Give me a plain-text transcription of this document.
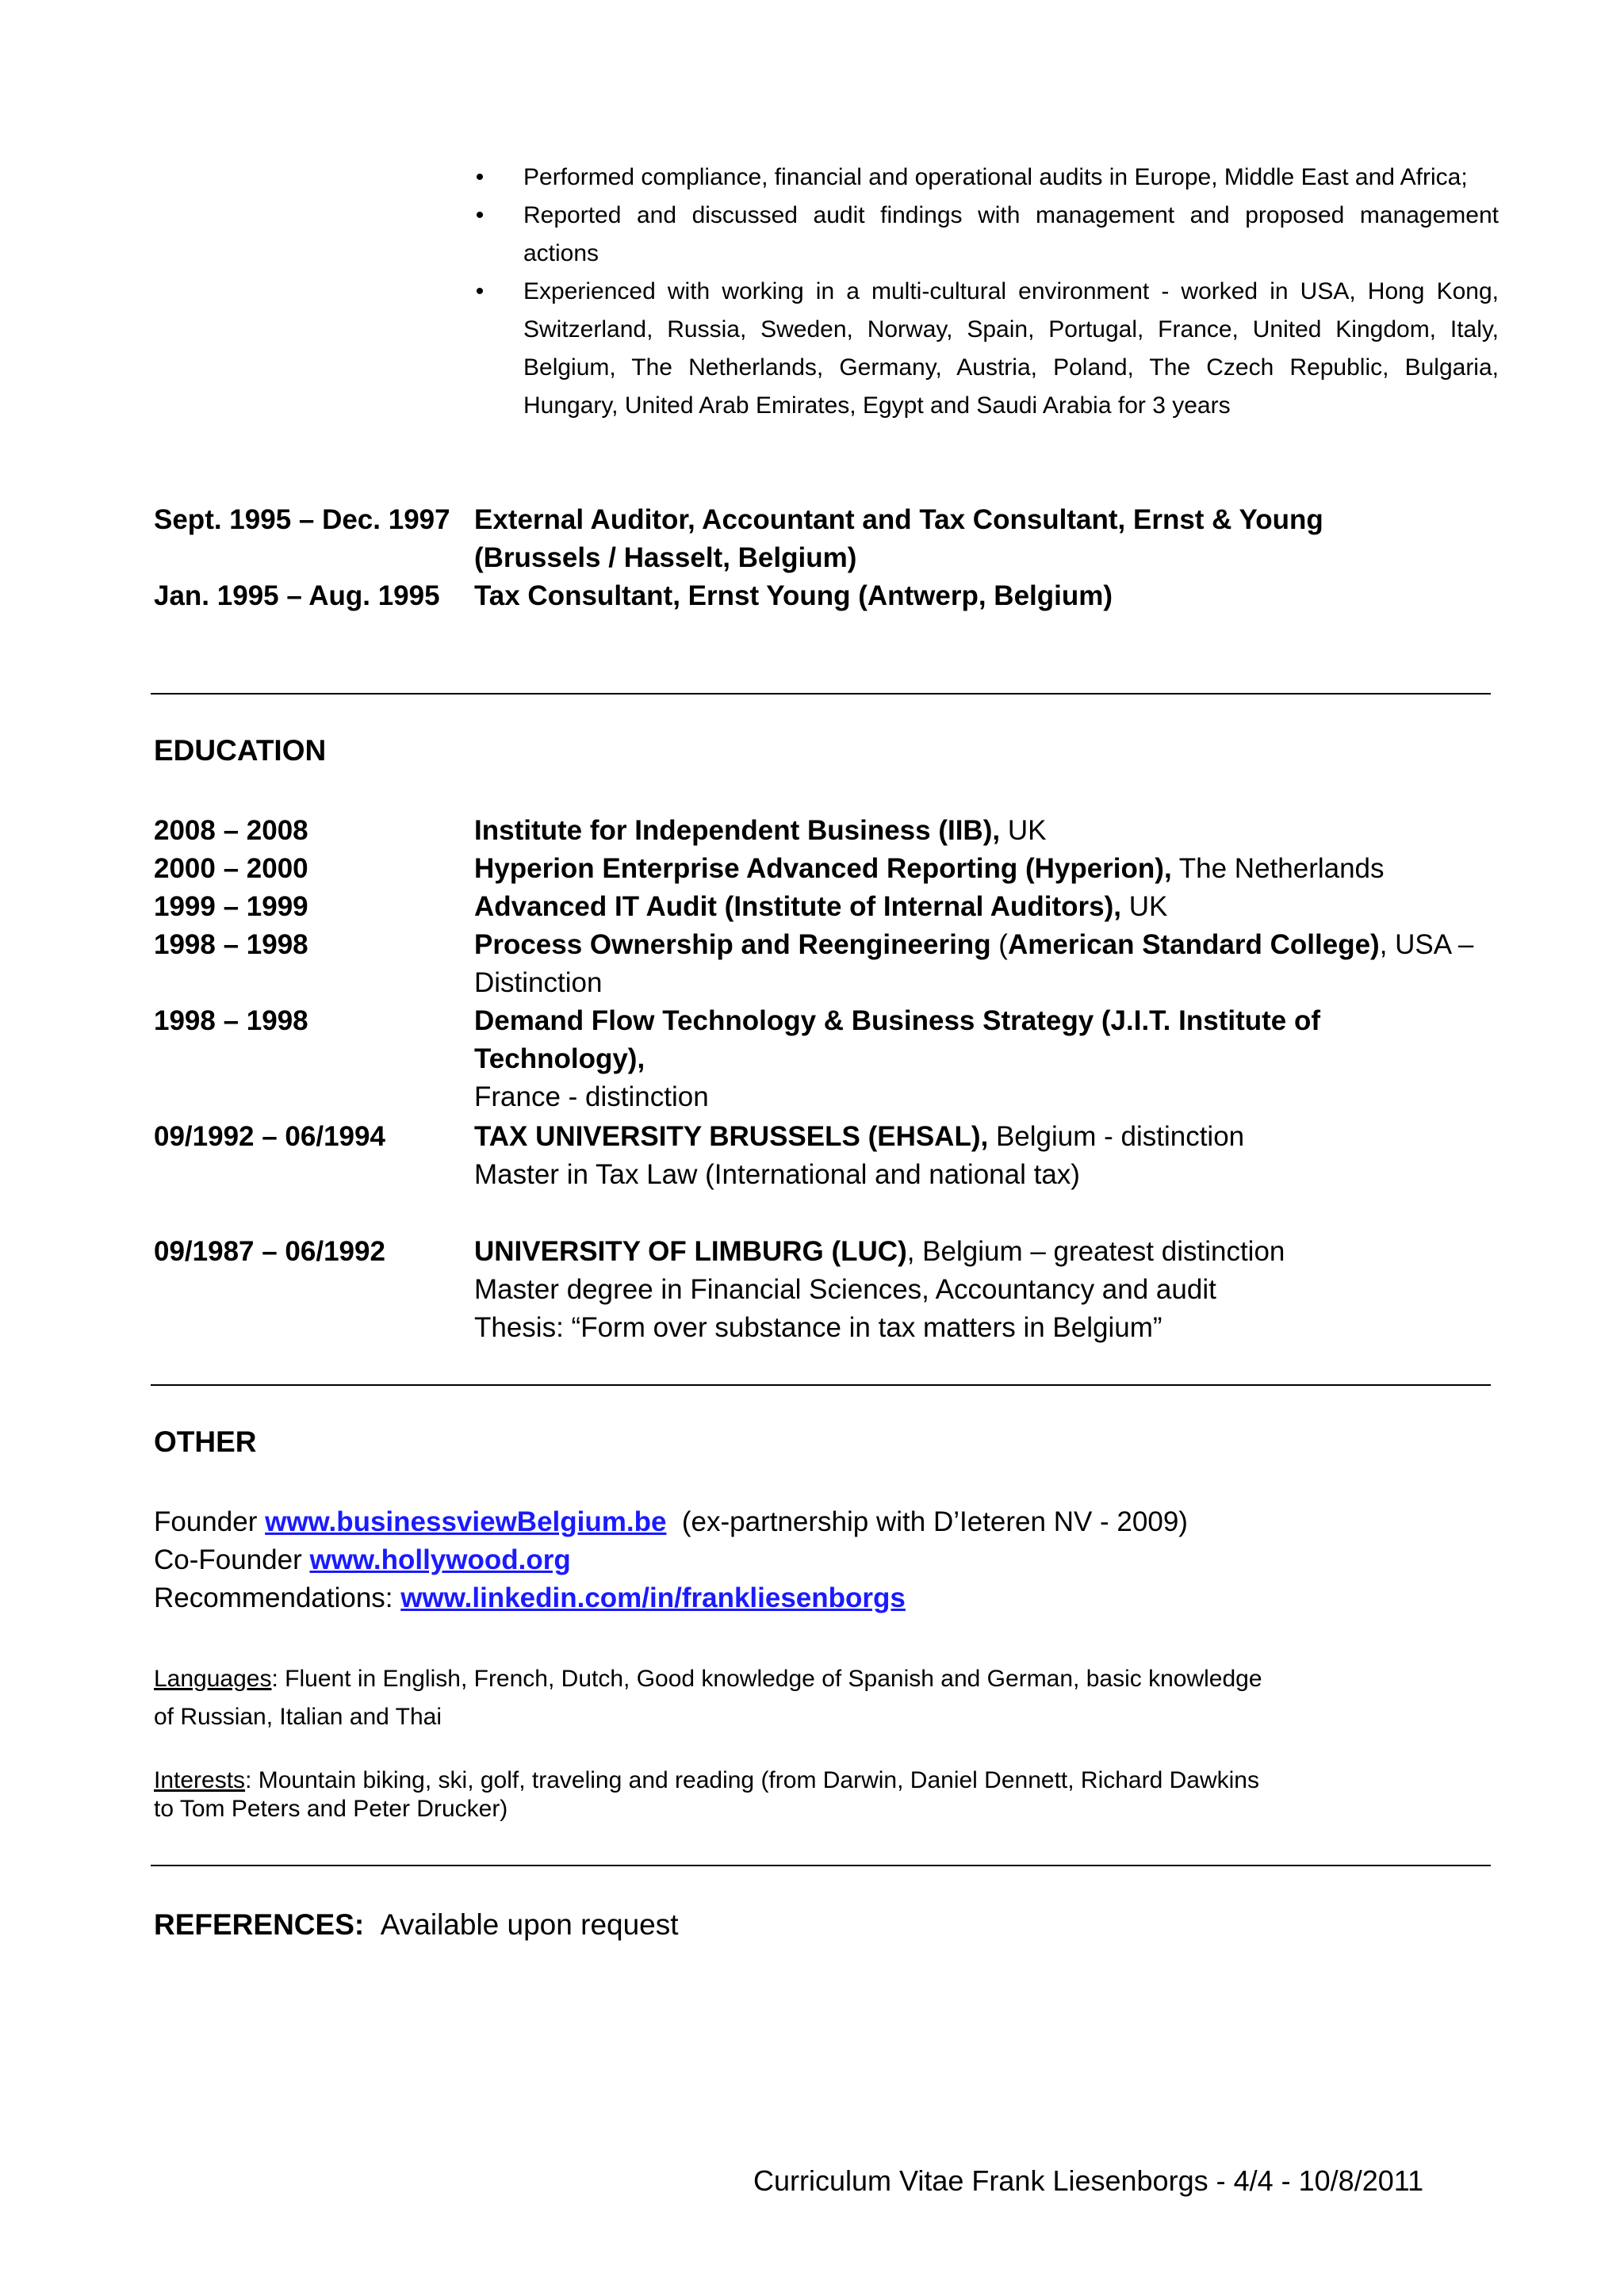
•	Performed compliance, financial and operational audits in Europe, Middle East and Africa;
•	Reported and discussed audit findings with management and proposed management actions
•	Experienced with working in a multi-cultural environment - worked in USA, Hong Kong, Switzerland, Russia, Sweden, Norway, Spain, Portugal, France, United Kingdom, Italy, Belgium, The Netherlands, Germany, Austria, Poland, The Czech Republic, Bulgaria, Hungary, United Arab Emirates, Egypt and Saudi Arabia for 3 years
Sept. 1995 – Dec. 1997 External Auditor, Accountant and Tax Consultant, Ernst & Young
(Brussels / Hasselt, Belgium)
Jan. 1995 – Aug. 1995 Tax Consultant, Ernst Young (Antwerp, Belgium)
EDUCATION
2008 – 2008	Institute for Independent Business (IIB), UK
2000 – 2000	Hyperion Enterprise Advanced Reporting (Hyperion), The Netherlands
1999 – 1999	Advanced IT Audit (Institute of Internal Auditors), UK
1998 – 1998	Process Ownership and Reengineering (American Standard College), USA –
Distinction
1998 – 1998	Demand Flow Technology & Business Strategy (J.I.T. Institute of Technology),
France - distinction
09/1992 – 06/1994	TAX UNIVERSITY BRUSSELS (EHSAL), Belgium - distinction
Master in Tax Law (International and national tax)
09/1987 – 06/1992	UNIVERSITY OF LIMBURG (LUC), Belgium – greatest distinction
Master degree in Financial Sciences, Accountancy and audit
Thesis: “Form over substance in tax matters in Belgium”
OTHER
Founder www.businessviewBelgium.be  (ex-partnership with D’Ieteren NV - 2009)
Co-Founder www.hollywood.org
Recommendations: www.linkedin.com/in/frankliesenborgs
Languages: Fluent in English, French, Dutch, Good knowledge of Spanish and German, basic knowledge
of Russian, Italian and Thai
Interests: Mountain biking, ski, golf, traveling and reading (from Darwin, Daniel Dennett, Richard Dawkins
to Tom Peters and Peter Drucker)
REFERENCES: Available upon request
Curriculum Vitae Frank Liesenborgs - 4/4 - 10/8/2011
